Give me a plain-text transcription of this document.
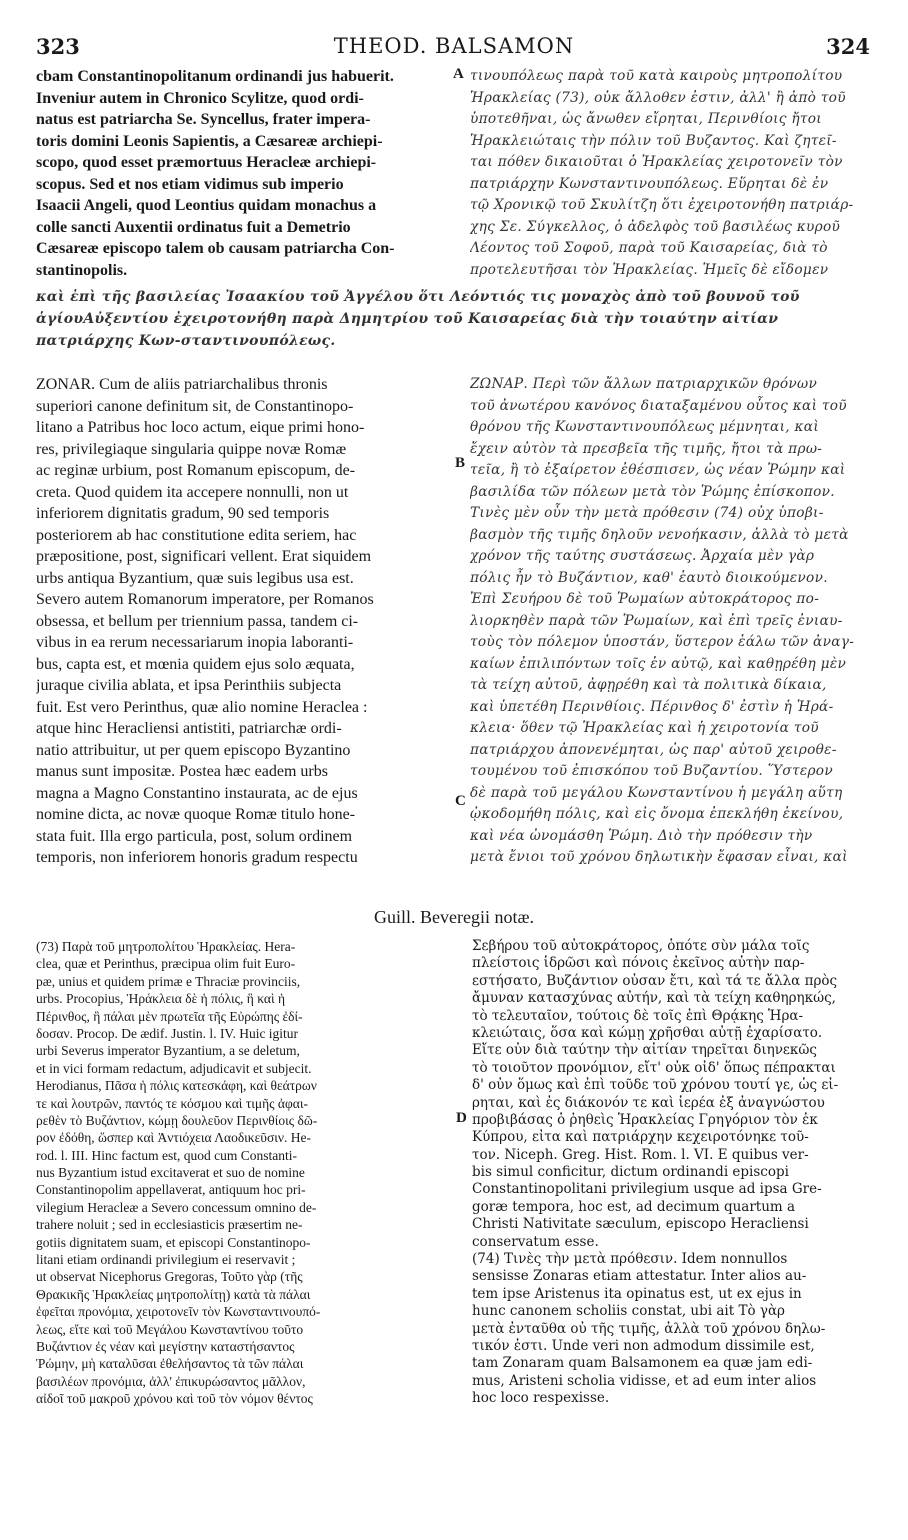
323	THEOD. BALSAMON	324
cbam Constantinopolitanum ordinandi jus habuerit.
Inveniur autem in Chronico Scylitze, quod ordi-
natus est patriarcha Se. Syncellus, frater impera-
toris domini Leonis Sapientis, a Cæsareæ archiepi-
scopo, quod esset præmortuus Heracleæ archiepi-
scopus. Sed et nos etiam vidimus sub imperio
Isaacii Angeli, quod Leontius quidam monachus a
colle sancti Auxentii ordinatus fuit a Demetrio
Cæsareæ episcopo talem ob causam patriarcha Con-
stantinopolis.
τινουπόλεως παρὰ τοῦ κατὰ καιροὺς μητροπολίτου
Ἡρακλείας (73), οὐκ ἄλλοθεν ἐστιν, ἀλλ' ἢ ἀπὸ τοῦ
ὑποτεθῆναι, ὡς ἄνωθεν εἴρηται, Περινθίοις ἤτοι
Ἡρακλειώταις τὴν πόλιν τοῦ Βυζαντος. Καὶ ζητεῖ-
ται πόθεν δικαιοῦται ὁ Ἡρακλείας χειροτονεῖν τὸν
πατριάρχην Κωνσταντινουπόλεως. Εὕρηται δὲ ἐν
τῷ Χρονικῷ τοῦ Σκυλίτζη ὅτι ἐχειροτονήθη πατριάρ-
χης Σε. Σύγκελλος, ὁ ἀδελφὸς τοῦ βασιλέως κυροῦ
Λέοντος τοῦ Σοφοῦ, παρὰ τοῦ Καισαρείας, διὰ τὸ
προτελευτῆσαι τὸν Ἡρακλείας. Ἡμεῖς δὲ εἴδομεν
A
καὶ ἐπὶ τῆς βασιλείας Ἰσαακίου τοῦ Ἀγγέλου ὅτι Λεόντιός τις μοναχὸς ἀπὸ τοῦ βουνοῦ τοῦ ἁγίουΑὐξεντίου ἐχειροτονήθη παρὰ Δημητρίου τοῦ Καισαρείας διὰ τὴν τοιαύτην αἰτίαν πατριάρχης Κων-σταντινουπόλεως.
ZONAR. Cum de aliis patriarchalibus thronis
superiori canone definitum sit, de Constantinopo-
litano a Patribus hoc loco actum, eique primi hono-
res, privilegiaque singularia quippe novæ Romæ
ac reginæ urbium, post Romanum episcopum, de-
creta. Quod quidem ita accepere nonnulli, non ut
inferiorem dignitatis gradum, 90 sed temporis
posteriorem ab hac constitutione edita seriem, hac
præpositione, post, significari vellent. Erat siquidem
urbs antiqua Byzantium, quæ suis legibus usa est.
Severo autem Romanorum imperatore, per Romanos
obsessa, et bellum per triennium passa, tandem ci-
vibus in ea rerum necessariarum inopia laboranti-
bus, capta est, et mœnia quidem ejus solo æquata,
juraque civilia ablata, et ipsa Perinthiis subjecta
fuit. Est vero Perinthus, quæ alio nomine Heraclea :
atque hinc Heracliensi antistiti, patriarchæ ordi-
natio attribuitur, ut per quem episcopo Byzantino
manus sunt impositæ. Postea hæc eadem urbs
magna a Magno Constantino instaurata, ac de ejus
nomine dicta, ac novæ quoque Romæ titulo hone-
stata fuit. Illa ergo particula, post, solum ordinem
temporis, non inferiorem honoris gradum respectu
ΖΩΝΑΡ. Περὶ τῶν ἄλλων πατριαρχικῶν θρόνων
τοῦ ἀνωτέρου κανόνος διαταξαμένου οὗτος καὶ τοῦ
θρόνου τῆς Κωνσταντινουπόλεως μέμνηται, καὶ
ἔχειν αὐτὸν τὰ πρεσβεῖα τῆς τιμῆς, ἤτοι τὰ πρω-
τεῖα, ἢ τὸ ἐξαίρετον ἐθέσπισεν, ὡς νέαν Ῥώμην καὶ
βασιλίδα τῶν πόλεων μετὰ τὸν Ῥώμης ἐπίσκοπον.
Τινὲς μὲν οὖν τὴν μετὰ πρόθεσιν (74) οὐχ ὑποβι-
βασμὸν τῆς τιμῆς δηλοῦν νενοήκασιν, ἀλλὰ τὸ μετὰ
χρόνον τῆς ταύτης συστάσεως. Ἀρχαία μὲν γὰρ
πόλις ἦν τὸ Βυζάντιον, καθ' ἑαυτὸ διοικούμενον.
Ἐπὶ Σευήρου δὲ τοῦ Ῥωμαίων αὐτοκράτορος πο-
λιορκηθὲν παρὰ τῶν Ῥωμαίων, καὶ ἐπὶ τρεῖς ἐνιαυ-
τοὺς τὸν πόλεμον ὑποστάν, ὕστερον ἑάλω τῶν ἀναγ-
καίων ἐπιλιπόντων τοῖς ἐν αὐτῷ, καὶ καθῃρέθη μὲν
τὰ τείχη αὐτοῦ, ἀφῃρέθη καὶ τὰ πολιτικὰ δίκαια,
καὶ ὑπετέθη Περινθίοις. Πέρινθος δ' ἐστὶν ἡ Ἡρά-
κλεια· ὅθεν τῷ Ἡρακλείας καὶ ἡ χειροτονία τοῦ
πατριάρχου ἀπονενέμηται, ὡς παρ' αὐτοῦ χειροθε-
τουμένου τοῦ ἐπισκόπου τοῦ Βυζαντίου. Ὕστερον
δὲ παρὰ τοῦ μεγάλου Κωνσταντίνου ἡ μεγάλη αὕτη
ᾠκοδομήθη πόλις, καὶ εἰς ὄνομα ἐπεκλήθη ἐκείνου,
καὶ νέα ὠνομάσθη Ῥώμη. Διὸ τὴν πρόθεσιν τὴν
μετὰ ἔνιοι τοῦ χρόνου δηλωτικὴν ἔφασαν εἶναι, καὶ
B
C
Guill. Beveregii notæ.
(73) Παρὰ τοῦ μητροπολίτου Ἡρακλείας. Hera-
clea, quæ et Perinthus, præcipua olim fuit Euro-
pæ, unius et quidem primæ e Thraciæ provinciis,
urbs. Procopius, Ἡράκλεια δὲ ἡ πόλις, ἣ καὶ ἡ
Πέρινθος, ἣ πάλαι μὲν πρωτεῖα τῆς Εὐρώπης ἐδί-
δοσαν. Procop. De ædif. Justin. l. IV. Huic igitur
urbi Severus imperator Byzantium, a se deletum,
et in vici formam redactum, adjudicavit et subjecit.
Herodianus, Πᾶσα ἡ πόλις κατεσκάφη, καὶ θεάτρων
τε καὶ λουτρῶν, παντός τε κόσμου καὶ τιμῆς ἀφαι-
ρεθὲν τὸ Βυζάντιον, κώμῃ δουλεῦον Περινθίοις δῶ-
ρον ἐδόθη, ὥσπερ καὶ Ἀντιόχεια Λαοδικεῦσιν. He-
rod. l. III. Hinc factum est, quod cum Constanti-
nus Byzantium istud excitaverat et suo de nomine
Constantinopolim appellaverat, antiquum hoc pri-
vilegium Heracleæ a Severo concessum omnino de-
trahere noluit ; sed in ecclesiasticis præsertim ne-
gotiis dignitatem suam, et episcopi Constantinopo-
litani etiam ordinandi privilegium ei reservavit ;
ut observat Nicephorus Gregoras, Τοῦτο γὰρ (τῆς
Θρακικῆς Ἡρακλείας μητροπολίτῃ) κατὰ τὰ πάλαι
ἐφεῖται προνόμια, χειροτονεῖν τὸν Κωνσταντινουπό-
λεως, εἴτε καὶ τοῦ Μεγάλου Κωνσταντίνου τοῦτο
Βυζάντιον ἐς νέαν καὶ μεγίστην καταστήσαντος
Ῥώμην, μὴ καταλῦσαι ἐθελήσαντος τὰ τῶν πάλαι
βασιλέων προνόμια, ἀλλ' ἐπικυρώσαντος μᾶλλον,
αἰδοῖ τοῦ μακροῦ χρόνου καὶ τοῦ τὸν νόμον θέντος
Σεβήρου τοῦ αὐτοκράτορος, ὁπότε σὺν μάλα τοῖς
πλείστοις ἱδρῶσι καὶ πόνοις ἐκεῖνος αὐτὴν παρ-
εστήσατο, Βυζάντιον οὖσαν ἔτι, καὶ τά τε ἄλλα πρὸς
ἄμυναν κατασχύνας αὐτήν, καὶ τὰ τείχη καθηρηκώς,
τὸ τελευταῖον, τούτοις δὲ τοῖς ἐπὶ Θρᾴκης Ἡρα-
κλειώταις, ὅσα καὶ κώμῃ χρῆσθαι αὐτῇ ἐχαρίσατο.
Εἴτε οὖν διὰ ταύτην τὴν αἰτίαν τηρεῖται διηνεκῶς
τὸ τοιοῦτον προνόμιον, εἴτ' οὐκ οἶδ' ὅπως πέπρακται
δ' οὖν ὅμως καὶ ἐπὶ τοῦδε τοῦ χρόνου τουτί γε, ὡς εἰ-
ρηται, καὶ ἐς διάκονόν τε καὶ ἱερέα ἐξ ἀναγνώστου
προβιβάσας ὁ ῥηθεὶς Ἡρακλείας Γρηγόριον τὸν ἐκ
Κύπρου, εἶτα καὶ πατριάρχην κεχειροτόνηκε τοῦ-
τον. Niceph. Greg. Hist. Rom. l. VI. E quibus ver-
bis simul conficitur, dictum ordinandi episcopi
Constantinopolitani privilegium usque ad ipsa Gre-
goræ tempora, hoc est, ad decimum quartum a
Christi Nativitate sæculum, episcopo Heracliensi
conservatum esse.
(74) Τινὲς τὴν μετὰ πρόθεσιν. Idem nonnullos
sensisse Zonaras etiam attestatur. Inter alios au-
tem ipse Aristenus ita opinatus est, ut ex ejus in
hunc canonem scholiis constat, ubi ait Τὸ γὰρ
μετὰ ἐνταῦθα οὐ τῆς τιμῆς, ἀλλὰ τοῦ χρόνου δηλω-
τικόν ἐστι. Unde veri non admodum dissimile est,
tam Zonaram quam Balsamonem ea quæ jam edi-
mus, Aristeni scholia vidisse, et ad eum inter alios
hoc loco respexisse.
D
